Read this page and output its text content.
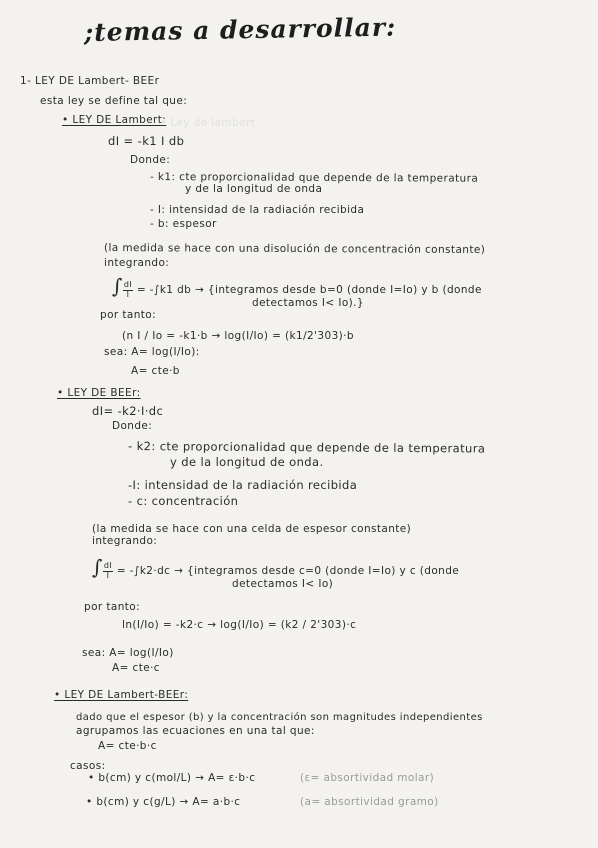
;temas a desarrollar:
1- LEY DE Lambert- BEEr
esta ley se define tal que:
• LEY DE Lambert:
• Ley de lambert
dI = -k1 I db
Donde:
- k1: cte proporcionalidad que depende de la temperatura
y de la longitud de onda
- I: intensidad de la radiación recibida
- b: espesor
(la medida se hace con una disolución de concentración constante)
integrando:
∫ $\frac{dI}{I} = -\int k1$ db → {integramos desde b=0 (donde I=Io) y b (donde
detectamos I< Io).}
por tanto:
(n I / Io = -k1·b → log(I/Io) = (k1/2'303)·b
sea: A= log(I/Io):
A= cte·b
• LEY DE BEEr:
dI= -k2·I·dc
Donde:
- k2: cte proporcionalidad que depende de la temperatura
y de la longitud de onda.
-I: intensidad de la radiación recibida
- c: concentración
(la medida se hace con una celda de espesor constante)
integrando:
∫ $\frac{dI}{I} = -\int k2\cdot dc$ → {integramos desde c=0 (donde I=Io) y c (donde
detectamos I< Io)
por tanto:
ln(I/Io) = -k2·c → log(I/Io) = (k2 / 2'303)·c
sea: A= log(I/Io)
A= cte·c
• LEY DE Lambert-BEEr:
dado que el espesor (b) y la concentración son magnitudes independientes
agrupamos las ecuaciones en una tal que:
A= cte·b·c
casos:
• b(cm) y c(mol/L) → A= ε·b·c	(ε= absortividad molar)
• b(cm) y c(g/L) → A= a·b·c	(a= absortividad gramo)
